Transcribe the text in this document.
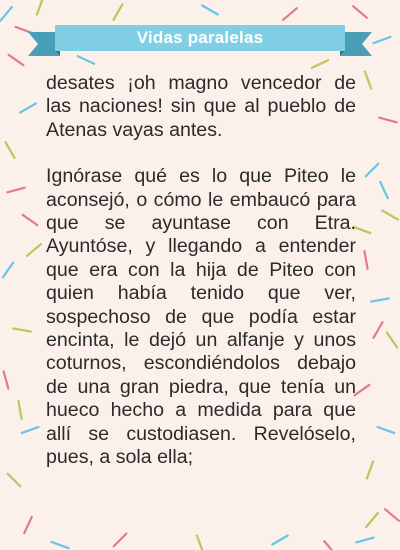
Vidas paralelas

desates ¡oh magno vencedor de las naciones! sin que al pueblo de Atenas vayas antes.

Ignórase qué es lo que Piteo le aconsejó, o cómo le embaucó para que se ayuntase con Etra. Ayuntóse, y llegando a entender que era con la hija de Piteo con quien había tenido que ver, sospechoso de que podía estar encinta, le dejó un alfanje y unos coturnos, escondiéndolos debajo de una gran piedra, que tenía un hueco hecho a medida para que allí se custodiasen. Revelóselo, pues, a sola ella;
